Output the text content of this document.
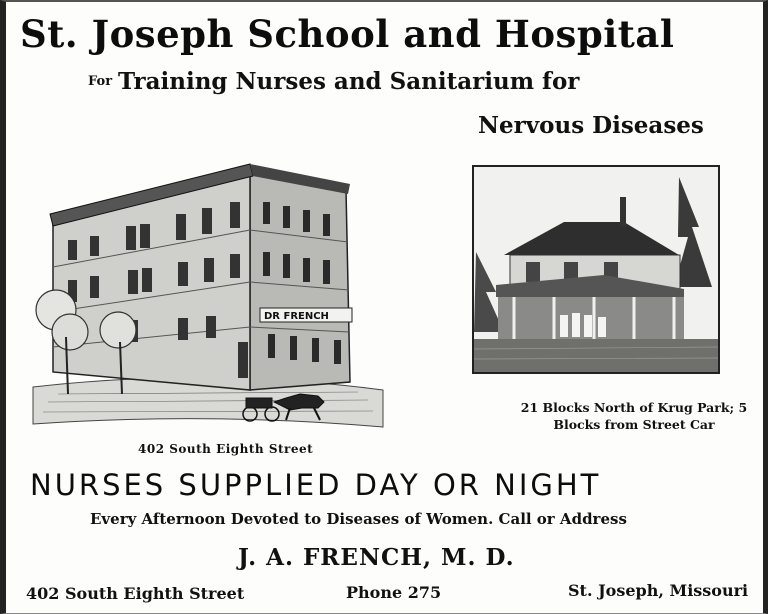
St. Joseph School and Hospital
For Training Nurses and Sanitarium for
Nervous Diseases
DR FRENCH
402 South Eighth Street
21 Blocks North of Krug Park; 5 Blocks from Street Car
NURSES SUPPLIED DAY OR NIGHT
Every Afternoon Devoted to Diseases of Women. Call or Address
J. A. FRENCH, M. D.
402 South Eighth Street	Phone 275	St. Joseph, Missouri
